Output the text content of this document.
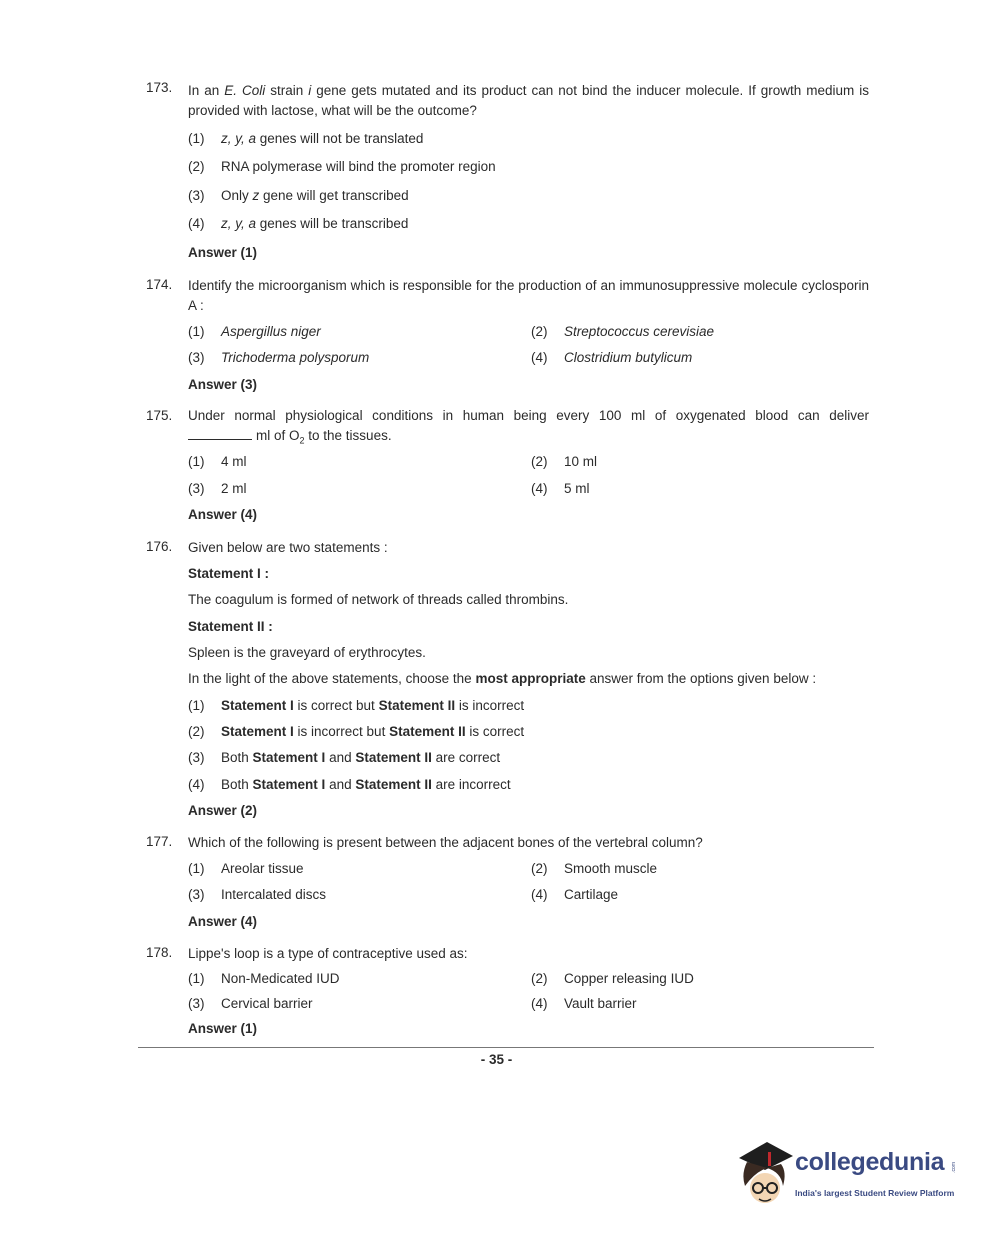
173. In an E. Coli strain i gene gets mutated and its product can not bind the inducer molecule. If growth medium is provided with lactose, what will be the outcome?
(1) z, y, a genes will not be translated
(2) RNA polymerase will bind the promoter region
(3) Only z gene will get transcribed
(4) z, y, a genes will be transcribed
Answer (1)
174. Identify the microorganism which is responsible for the production of an immunosuppressive molecule cyclosporin A :
(1) Aspergillus niger	(2) Streptococcus cerevisiae
(3) Trichoderma polysporum	(4) Clostridium butylicum
Answer (3)
175. Under normal physiological conditions in human being every 100 ml of oxygenated blood can deliver
ml of $O_2$ to the tissues.
(1) 4 ml	(2) 10 ml
(3) 2 ml	(4) 5 ml
Answer (4)
176. Given below are two statements :
Statement I :
The coagulum is formed of network of threads called thrombins.
Statement II :
Spleen is the graveyard of erythrocytes.
In the light of the above statements, choose the most appropriate answer from the options given below :
(1) Statement I is correct but Statement II is incorrect
(2) Statement I is incorrect but Statement II is correct
(3) Both Statement I and Statement II are correct
(4) Both Statement I and Statement II are incorrect
Answer (2)
177. Which of the following is present between the adjacent bones of the vertebral column?
(1) Areolar tissue	(2) Smooth muscle
(3) Intercalated discs	(4) Cartilage
Answer (4)
178. Lippe's loop is a type of contraceptive used as:
(1) Non-Medicated IUD	(2) Copper releasing IUD
(3) Cervical barrier	(4) Vault barrier
Answer (1)
- 35 -
collegedunia .com
India's largest Student Review Platform
